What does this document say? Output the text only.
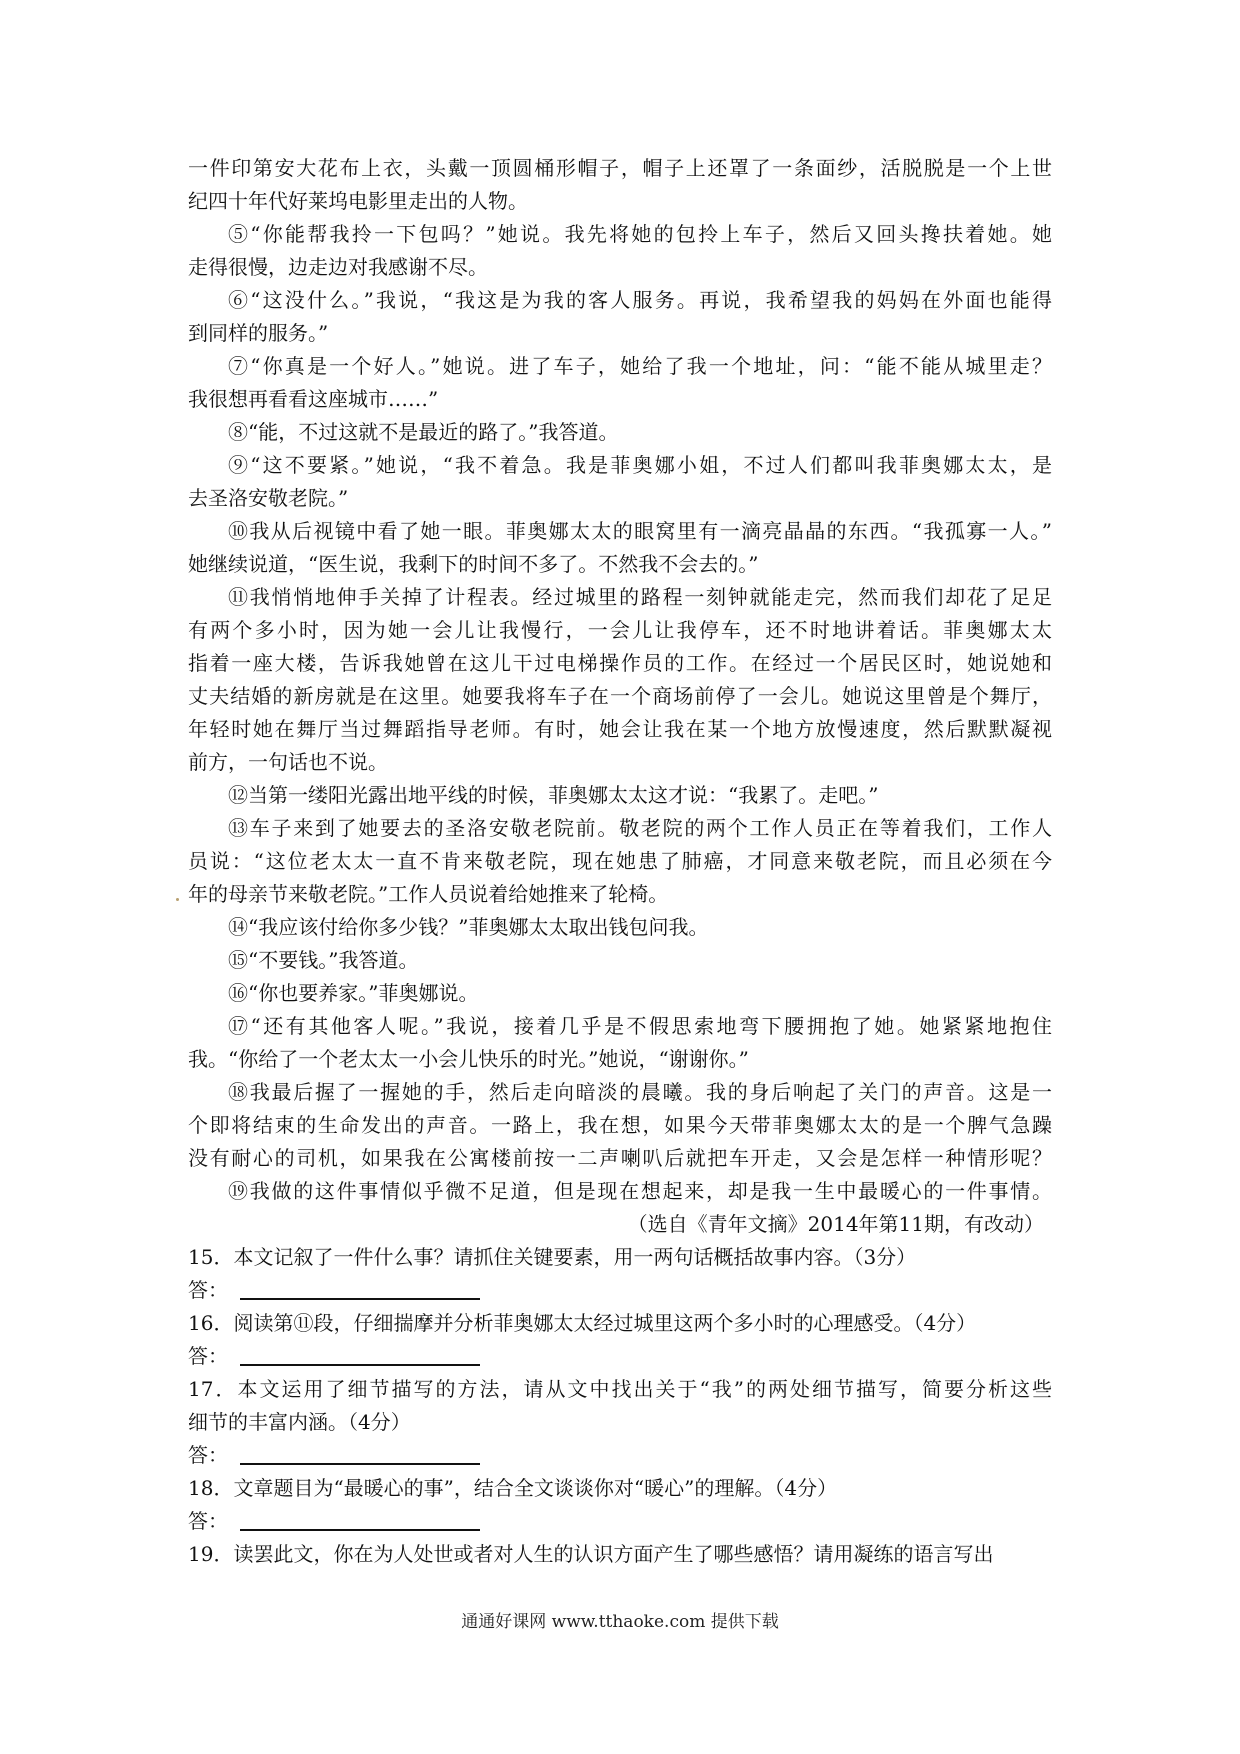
一件印第安大花布上衣，头戴一顶圆桶形帽子，帽子上还罩了一条面纱，活脱脱是一个上世
纪四十年代好莱坞电影里走出的人物。
⑤“你能帮我拎一下包吗？”她说。我先将她的包拎上车子，然后又回头搀扶着她。她
走得很慢，边走边对我感谢不尽。
⑥“这没什么。”我说，“我这是为我的客人服务。再说，我希望我的妈妈在外面也能得
到同样的服务。”
⑦“你真是一个好人。”她说。进了车子，她给了我一个地址，问：“能不能从城里走？
我很想再看看这座城市……”
⑧“能，不过这就不是最近的路了。”我答道。
⑨“这不要紧。”她说，“我不着急。我是菲奥娜小姐，不过人们都叫我菲奥娜太太，是
去圣洛安敬老院。”
⑩我从后视镜中看了她一眼。菲奥娜太太的眼窝里有一滴亮晶晶的东西。“我孤寡一人。”
她继续说道，“医生说，我剩下的时间不多了。不然我不会去的。”
⑪我悄悄地伸手关掉了计程表。经过城里的路程一刻钟就能走完，然而我们却花了足足
有两个多小时，因为她一会儿让我慢行，一会儿让我停车，还不时地讲着话。菲奥娜太太
指着一座大楼，告诉我她曾在这儿干过电梯操作员的工作。在经过一个居民区时，她说她和
丈夫结婚的新房就是在这里。她要我将车子在一个商场前停了一会儿。她说这里曾是个舞厅，
年轻时她在舞厅当过舞蹈指导老师。有时，她会让我在某一个地方放慢速度，然后默默凝视
前方，一句话也不说。
⑫当第一缕阳光露出地平线的时候，菲奥娜太太这才说：“我累了。走吧。”
⑬车子来到了她要去的圣洛安敬老院前。敬老院的两个工作人员正在等着我们，工作人
员说：“这位老太太一直不肯来敬老院，现在她患了肺癌，才同意来敬老院，而且必须在今
年的母亲节来敬老院。”工作人员说着给她推来了轮椅。
⑭“我应该付给你多少钱？”菲奥娜太太取出钱包问我。
⑮“不要钱。”我答道。
⑯“你也要养家。”菲奥娜说。
⑰“还有其他客人呢。”我说，接着几乎是不假思索地弯下腰拥抱了她。她紧紧地抱住
我。“你给了一个老太太一小会儿快乐的时光。”她说，“谢谢你。”
⑱我最后握了一握她的手，然后走向暗淡的晨曦。我的身后响起了关门的声音。这是一
个即将结束的生命发出的声音。一路上，我在想，如果今天带菲奥娜太太的是一个脾气急躁
没有耐心的司机，如果我在公寓楼前按一二声喇叭后就把车开走，又会是怎样一种情形呢？
⑲我做的这件事情似乎微不足道，但是现在想起来，却是我一生中最暖心的一件事情。
（选自《青年文摘》2014年第11期，有改动）
15．本文记叙了一件什么事？请抓住关键要素，用一两句话概括故事内容。（3分）
答：
16．阅读第⑪段，仔细揣摩并分析菲奥娜太太经过城里这两个多小时的心理感受。（4分）
答：
17．本文运用了细节描写的方法，请从文中找出关于“我”的两处细节描写，简要分析这些
细节的丰富内涵。（4分）
答：
18．文章题目为“最暖心的事”，结合全文谈谈你对“暖心”的理解。（4分）
答：
19．读罢此文，你在为人处世或者对人生的认识方面产生了哪些感悟？请用凝练的语言写出
通通好课网 www.tthaoke.com 提供下载
